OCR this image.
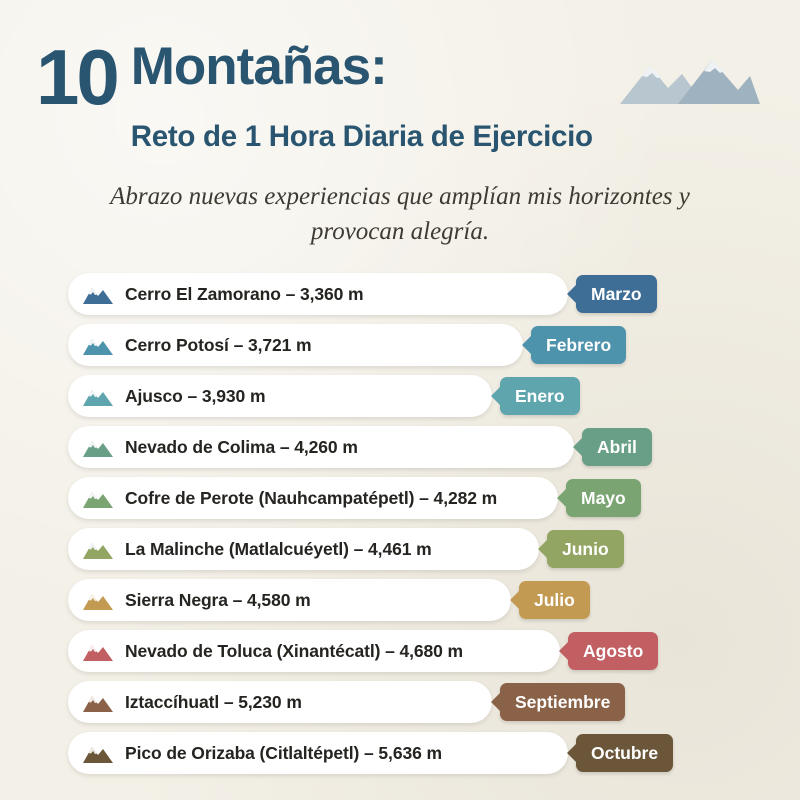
10 Montañas:
Reto de 1 Hora Diaria de Ejercicio
Abrazo nuevas experiencias que amplían mis horizontes y provocan alegría.
Cerro El Zamorano – 3,360 m	Marzo
Cerro Potosí – 3,721 m	Febrero
Ajusco – 3,930 m	Enero
Nevado de Colima – 4,260 m	Abril
Cofre de Perote (Nauhcampatépetl) – 4,282 m	Mayo
La Malinche (Matlalcuéyetl) – 4,461 m	Junio
Sierra Negra – 4,580 m	Julio
Nevado de Toluca (Xinantécatl) – 4,680 m	Agosto
Iztaccíhuatl – 5,230 m	Septiembre
Pico de Orizaba (Citlaltépetl) – 5,636 m	Octubre
